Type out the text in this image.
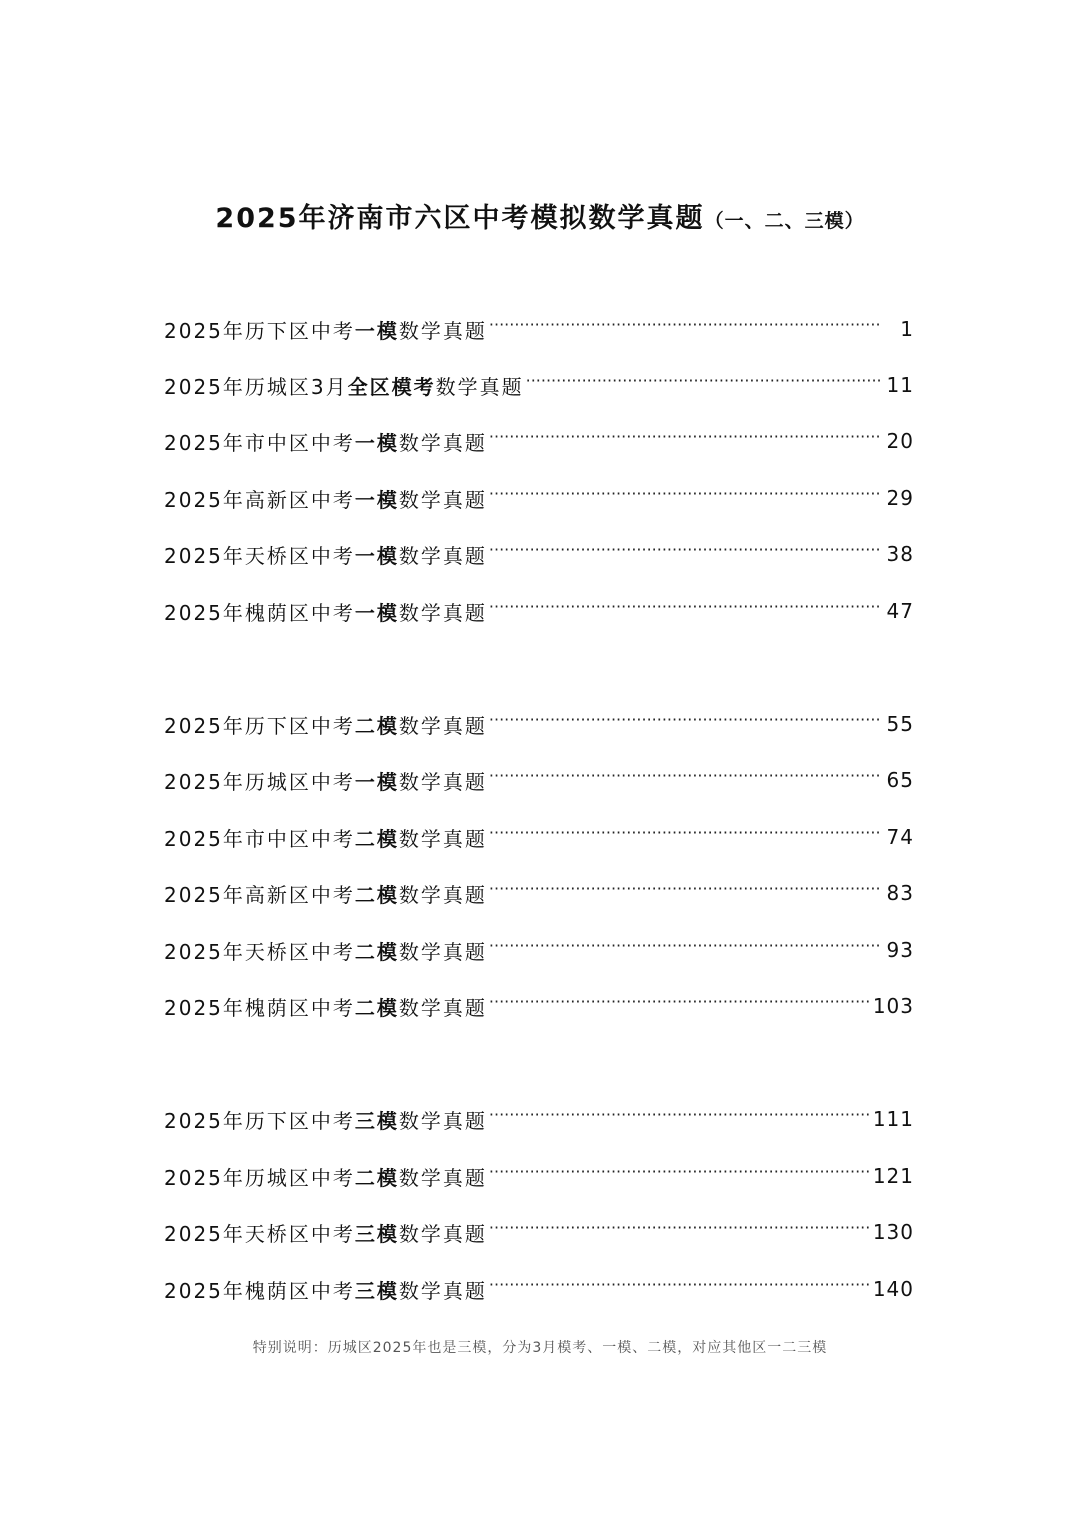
2025年济南市六区中考模拟数学真题（一、二、三模）
2025年历下区中考一模数学真题 ·····	1
2025年历城区3月全区模考数学真题 ·····	11
2025年市中区中考一模数学真题 ·····	20
2025年高新区中考一模数学真题 ·····	29
2025年天桥区中考一模数学真题 ·····	38
2025年槐荫区中考一模数学真题 ·····	47
2025年历下区中考二模数学真题 ·····	55
2025年历城区中考一模数学真题 ·····	65
2025年市中区中考二模数学真题 ·····	74
2025年高新区中考二模数学真题 ·····	83
2025年天桥区中考二模数学真题 ·····	93
2025年槐荫区中考二模数学真题 ·····	103
2025年历下区中考三模数学真题 ·····	111
2025年历城区中考二模数学真题 ·····	121
2025年天桥区中考三模数学真题 ·····	130
2025年槐荫区中考三模数学真题 ·····	140
特别说明：历城区2025年也是三模，分为3月模考、一模、二模，对应其他区一二三模
